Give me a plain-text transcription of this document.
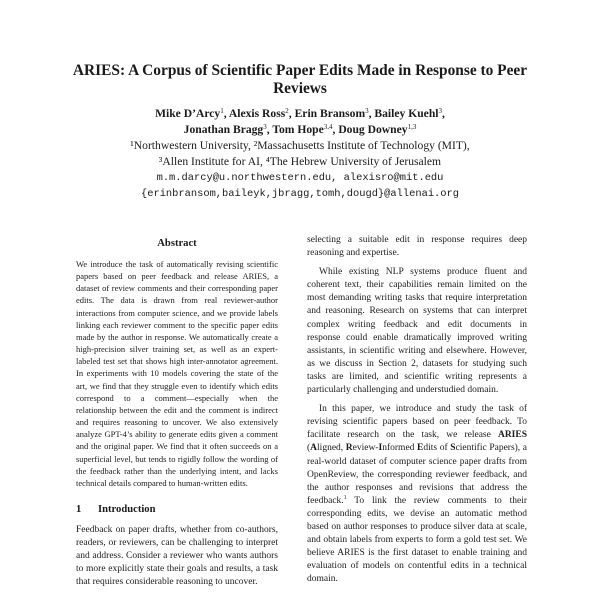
ARIES: A Corpus of Scientific Paper Edits Made in Response to Peer Reviews
Mike D’Arcy$^1$, Alexis Ross$^2$, Erin Bransom$^3$, Bailey Kuehl$^3$,
Jonathan Bragg$^3$, Tom Hope$^{3,4}$, Doug Downey$^{1,3}$
¹Northwestern University, ²Massachusetts Institute of Technology (MIT),
³Allen Institute for AI, ⁴The Hebrew University of Jerusalem
m.m.darcy@u.northwestern.edu, alexisro@mit.edu
{erinbransom,baileyk,jbragg,tomh,dougd}@allenai.org
Abstract

We introduce the task of automatically revising scientific papers based on peer feedback and release ARIES, a dataset of review comments and their corresponding paper edits. The data is drawn from real reviewer-author interactions from computer science, and we provide labels linking each reviewer comment to the specific paper edits made by the author in response. We automatically create a high-precision silver training set, as well as an expert-labeled test set that shows high inter-annotator agreement. In experiments with 10 models covering the state of the art, we find that they struggle even to identify which edits correspond to a comment—especially when the relationship between the edit and the comment is indirect and requires reasoning to uncover. We also extensively analyze GPT-4’s ability to generate edits given a comment and the original paper. We find that it often succeeds on a superficial level, but tends to rigidly follow the wording of the feedback rather than the underlying intent, and lacks technical details compared to human-written edits.

1 Introduction

Feedback on paper drafts, whether from co-authors, readers, or reviewers, can be challenging to interpret and address. Consider a reviewer who wants authors to more explicitly state their goals and results, a task that requires considerable reasoning to uncover.

selecting a suitable edit in response requires deep reasoning and expertise.

While existing NLP systems produce fluent and coherent text, their capabilities remain limited on the most demanding writing tasks that require interpretation and reasoning. Research on systems that can interpret complex writing feedback and edit documents in response could enable dramatically improved writing assistants, in scientific writing and elsewhere. However, as we discuss in Section 2, datasets for studying such tasks are limited, and scientific writing represents a particularly challenging and understudied domain.

In this paper, we introduce and study the task of revising scientific papers based on peer feedback. To facilitate research on the task, we release ARIES (Aligned, Review-Informed Edits of Scientific Papers), a real-world dataset of computer science paper drafts from OpenReview, the corresponding reviewer feedback, and the author responses and revisions that address the feedback.$^1$ To link the review comments to their corresponding edits, we devise an automatic method based on author responses to produce silver data at scale, and obtain labels from experts to form a gold test set. We believe ARIES is the first dataset to enable training and evaluation of models on contentful edits in a technical domain.
